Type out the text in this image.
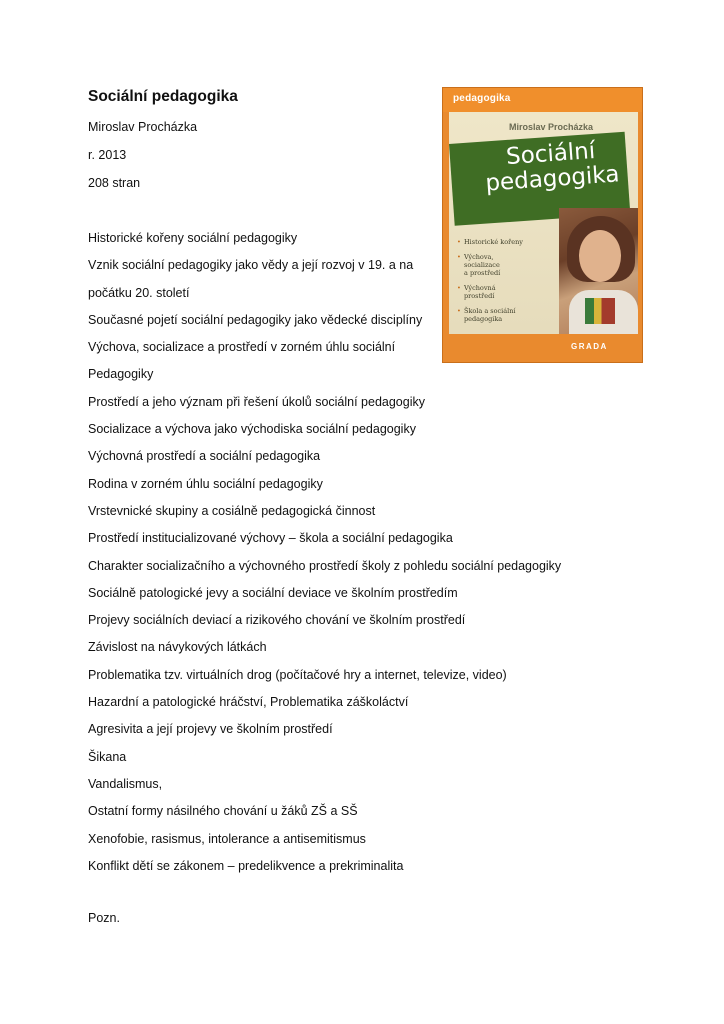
Sociální pedagogika
Miroslav Procházka
r. 2013
208 stran
Historické kořeny sociální pedagogiky
Vznik sociální pedagogiky jako vědy a její rozvoj v 19. a na
počátku 20. století
Současné pojetí sociální pedagogiky jako vědecké disciplíny
Výchova, socializace a prostředí v zorném úhlu sociální
Pedagogiky
Prostředí a jeho význam při řešení úkolů sociální pedagogiky
Socializace a výchova jako východiska sociální pedagogiky
Výchovná prostředí a sociální pedagogika
Rodina v zorném úhlu sociální pedagogiky
Vrstevnické skupiny a cosiálně pedagogická činnost
Prostředí institucializované výchovy – škola a sociální pedagogika
Charakter socializačního a výchovného prostředí školy z pohledu sociální pedagogiky
Sociálně patologické jevy a sociální deviace ve školním prostředím
Projevy sociálních deviací a rizikového chování ve školním prostředí
Závislost na návykových látkách
Problematika tzv. virtuálních drog (počítačové hry a internet, televize, video)
Hazardní a patologické hráčství, Problematika záškoláctví
Agresivita a její projevy ve školním prostředí
Šikana
Vandalismus,
Ostatní formy násilného chování u žáků ZŠ a SŠ
Xenofobie, rasismus, intolerance a antisemitismus
Konflikt dětí se zákonem – predelikvence a prekriminalita
Pozn.
pedagogika
Miroslav Procházka
Sociální pedagogika
• Historické kořeny
• Výchova,
socializace
a prostředí
• Výchovná
prostředí
• Škola a sociální
pedagogika
GRADA
